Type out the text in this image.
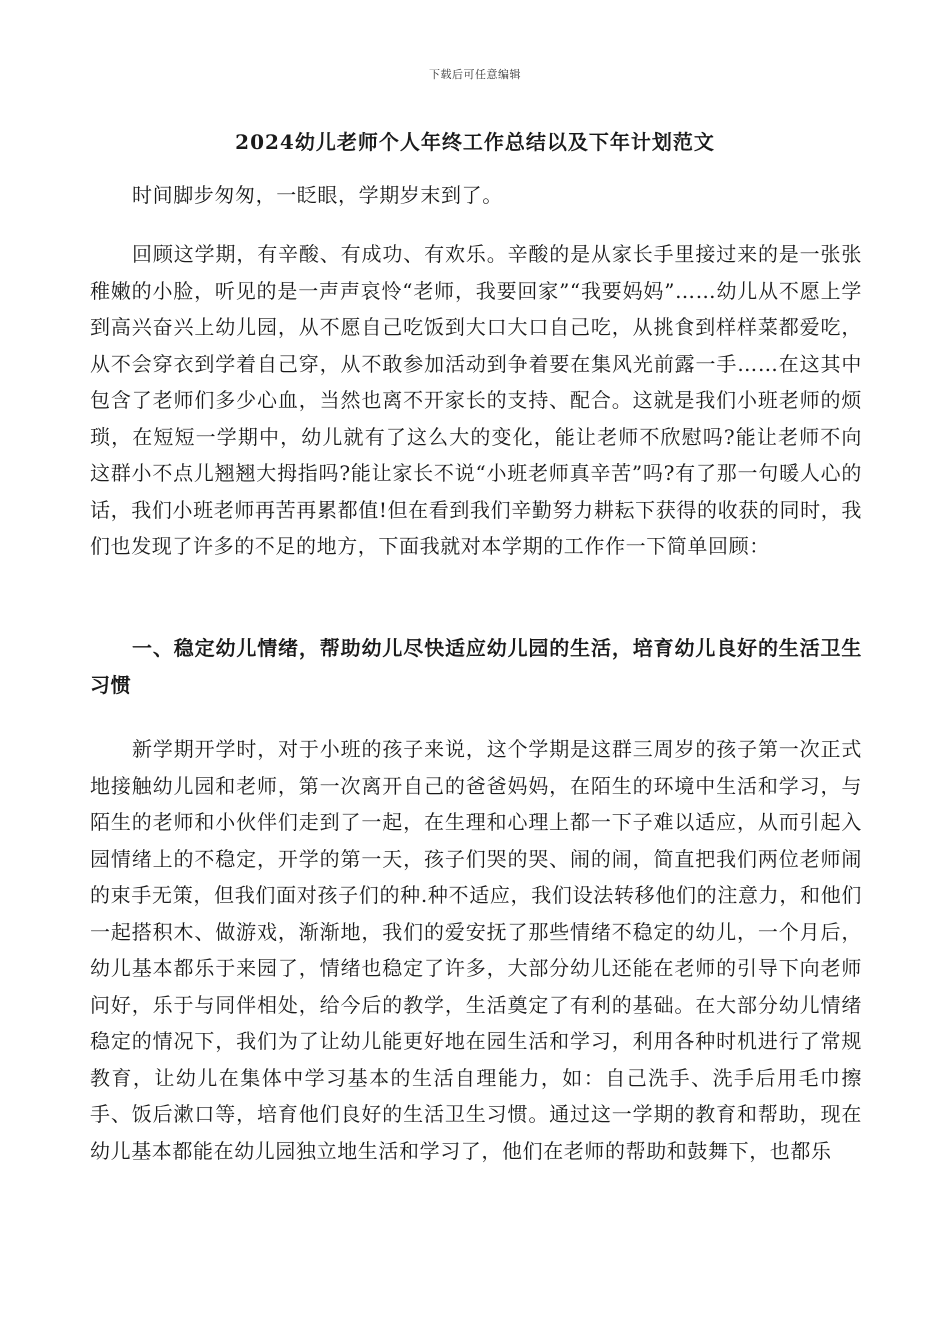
下载后可任意编辑
2024幼儿老师个人年终工作总结以及下年计划范文

时间脚步匆匆，一眨眼，学期岁末到了。

回顾这学期，有辛酸、有成功、有欢乐。辛酸的是从家长手里接过来的是一张张稚嫩的小脸，听见的是一声声哀怜“老师，我要回家”“我要妈妈”……幼儿从不愿上学到高兴奋兴上幼儿园，从不愿自己吃饭到大口大口自己吃，从挑食到样样菜都爱吃，从不会穿衣到学着自己穿，从不敢参加活动到争着要在集风光前露一手……在这其中包含了老师们多少心血，当然也离不开家长的支持、配合。这就是我们小班老师的烦琐，在短短一学期中，幼儿就有了这么大的变化，能让老师不欣慰吗?能让老师不向这群小不点儿翘翘大拇指吗?能让家长不说“小班老师真辛苦”吗?有了那一句暖人心的话，我们小班老师再苦再累都值!但在看到我们辛勤努力耕耘下获得的收获的同时，我们也发现了许多的不足的地方，下面我就对本学期的工作作一下简单回顾：

一、稳定幼儿情绪，帮助幼儿尽快适应幼儿园的生活，培育幼儿良好的生活卫生习惯

新学期开学时，对于小班的孩子来说，这个学期是这群三周岁的孩子第一次正式地接触幼儿园和老师，第一次离开自己的爸爸妈妈，在陌生的环境中生活和学习，与陌生的老师和小伙伴们走到了一起，在生理和心理上都一下子难以适应，从而引起入园情绪上的不稳定，开学的第一天，孩子们哭的哭、闹的闹，简直把我们两位老师闹的束手无策，但我们面对孩子们的种.种不适应，我们设法转移他们的注意力，和他们一起搭积木、做游戏，渐渐地，我们的爱安抚了那些情绪不稳定的幼儿，一个月后，幼儿基本都乐于来园了，情绪也稳定了许多，大部分幼儿还能在老师的引导下向老师问好，乐于与同伴相处，给今后的教学，生活奠定了有利的基础。在大部分幼儿情绪稳定的情况下，我们为了让幼儿能更好地在园生活和学习，利用各种时机进行了常规教育，让幼儿在集体中学习基本的生活自理能力，如：自己洗手、洗手后用毛巾擦手、饭后漱口等，培育他们良好的生活卫生习惯。通过这一学期的教育和帮助，现在幼儿基本都能在幼儿园独立地生活和学习了，他们在老师的帮助和鼓舞下，也都乐
